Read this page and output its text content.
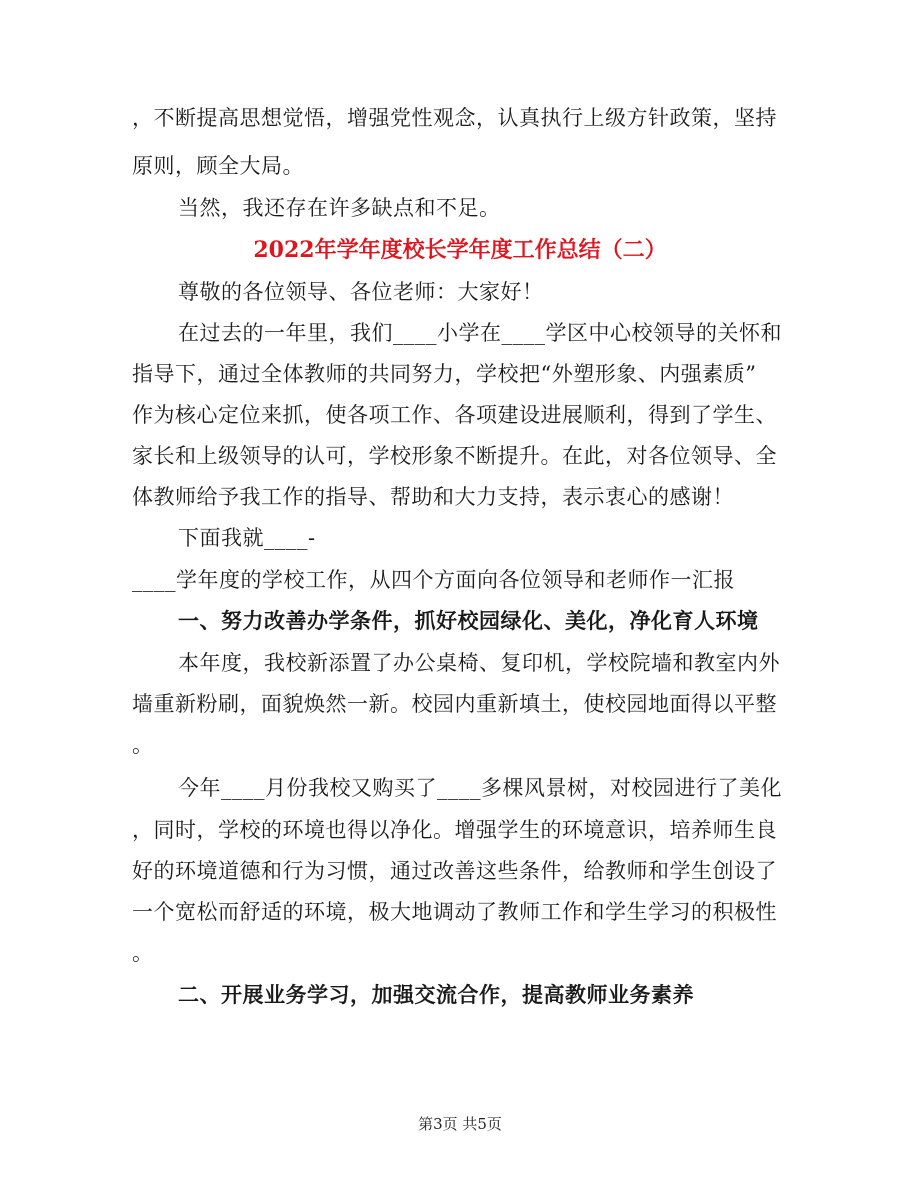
，不断提高思想觉悟，增强党性观念，认真执行上级方针政策，坚持
原则，顾全大局。
当然，我还存在许多缺点和不足。
2022年学年度校长学年度工作总结（二）
尊敬的各位领导、各位老师：大家好！
在过去的一年里，我们____小学在____学区中心校领导的关怀和
指导下，通过全体教师的共同努力，学校把“外塑形象、内强素质”
作为核心定位来抓，使各项工作、各项建设进展顺利，得到了学生、
家长和上级领导的认可，学校形象不断提升。在此，对各位领导、全
体教师给予我工作的指导、帮助和大力支持，表示衷心的感谢！
下面我就____-
____学年度的学校工作，从四个方面向各位领导和老师作一汇报
一、努力改善办学条件，抓好校园绿化、美化，净化育人环境
本年度，我校新添置了办公桌椅、复印机，学校院墙和教室内外
墙重新粉刷，面貌焕然一新。校园内重新填土，使校园地面得以平整
。
今年____月份我校又购买了____多棵风景树，对校园进行了美化
，同时，学校的环境也得以净化。增强学生的环境意识，培养师生良
好的环境道德和行为习惯，通过改善这些条件，给教师和学生创设了
一个宽松而舒适的环境，极大地调动了教师工作和学生学习的积极性
。
二、开展业务学习，加强交流合作，提高教师业务素养
第3页 共5页
